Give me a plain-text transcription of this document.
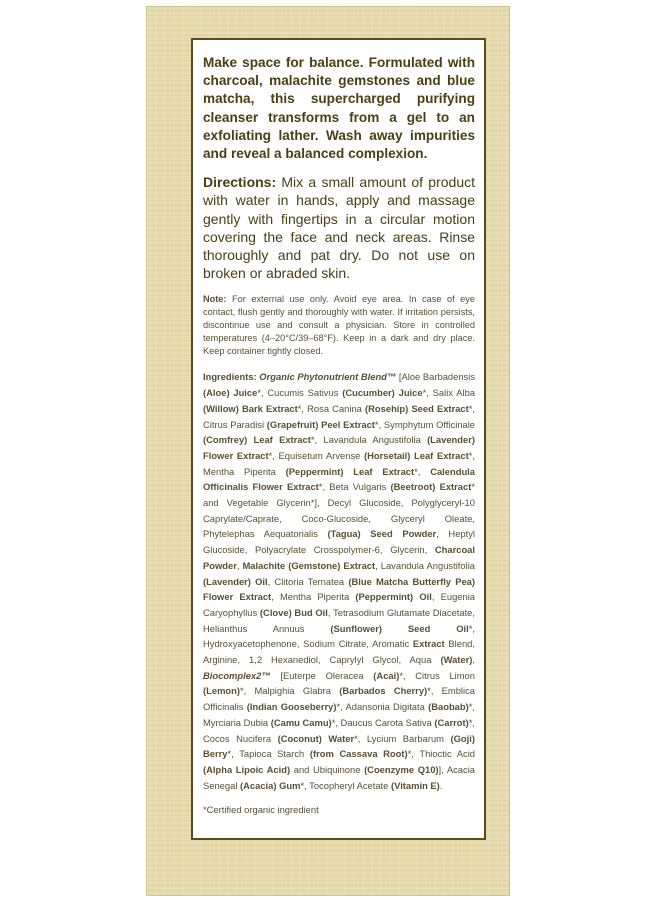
Make space for balance. Formulated with charcoal, malachite gemstones and blue matcha, this supercharged purifying cleanser transforms from a gel to an exfoliating lather. Wash away impurities and reveal a balanced complexion.

Directions: Mix a small amount of product with water in hands, apply and massage gently with fingertips in a circular motion covering the face and neck areas. Rinse thoroughly and pat dry. Do not use on broken or abraded skin.

Note: For external use only. Avoid eye area. In case of eye contact, flush gently and thoroughly with water. If irritation persists, discontinue use and consult a physician. Store in controlled temperatures (4–20°C/39–68°F). Keep in a dark and dry place. Keep container tightly closed.

Ingredients: Organic Phytonutrient Blend™ [Aloe Barbadensis (Aloe) Juice*, Cucumis Sativus (Cucumber) Juice*, Salix Alba (Willow) Bark Extract*, Rosa Canina (Rosehip) Seed Extract*, Citrus Paradisi (Grapefruit) Peel Extract*, Symphytum Officinale (Comfrey) Leaf Extract*, Lavandula Angustifolia (Lavender) Flower Extract*, Equisetum Arvense (Horsetail) Leaf Extract*, Mentha Piperita (Peppermint) Leaf Extract*, Calendula Officinalis Flower Extract*, Beta Vulgaris (Beetroot) Extract* and Vegetable Glycerin*], Decyl Glucoside, Polyglyceryl-10 Caprylate/Caprate, Coco-Glucoside, Glyceryl Oleate, Phytelephas Aequatorialis (Tagua) Seed Powder, Heptyl Glucoside, Polyacrylate Crosspolymer-6, Glycerin, Charcoal Powder, Malachite (Gemstone) Extract, Lavandula Angustifolia (Lavender) Oil, Clitoria Ternatea (Blue Matcha Butterfly Pea) Flower Extract, Mentha Piperita (Peppermint) Oil, Eugenia Caryophyllus (Clove) Bud Oil, Tetrasodium Glutamate Diacetate, Helianthus Annuus (Sunflower)	Seed	Oil*, Hydroxyacetophenone, Sodium Citrate, Aromatic Extract Blend, Arginine, 1,2 Hexanediol, Caprylyl Glycol, Aqua (Water), Biocomplex2™ [Euterpe Oleracea (Acai)*, Citrus Limon (Lemon)*, Malpighia Glabra (Barbados Cherry)*, Emblica Officinalis (Indian Gooseberry)*, Adansonia Digitata (Baobab)*, Myrciaria Dubia (Camu Camu)*, Daucus Carota Sativa (Carrot)*, Cocos Nucifera (Coconut) Water*, Lycium Barbarum (Goji) Berry*, Tapioca Starch (from Cassava Root)*, Thioctic Acid (Alpha Lipoic Acid) and Ubiquinone (Coenzyme Q10)], Acacia Senegal (Acacia) Gum*, Tocopheryl Acetate (Vitamin E).

*Certified organic ingredient
